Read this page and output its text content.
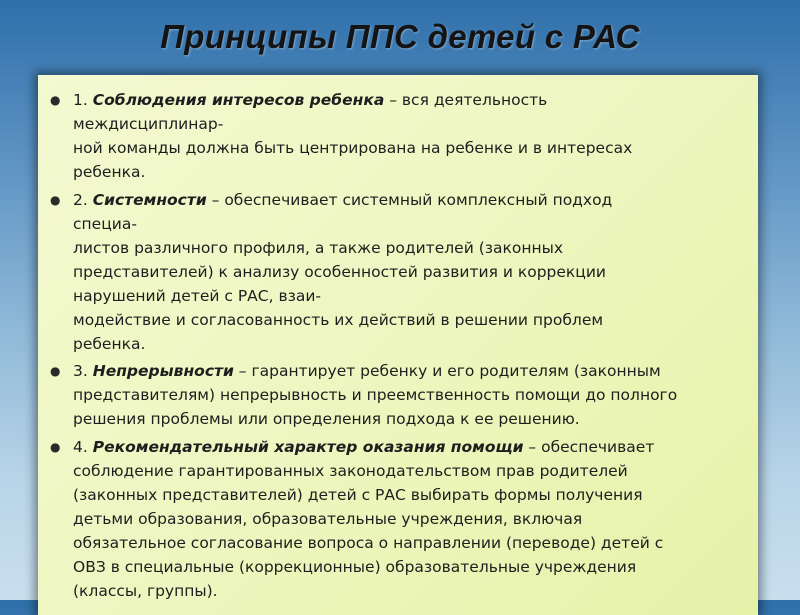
Принципы ППС детей с РАС
● 1. Соблюдения интересов ребенка – вся деятельность
междисциплинар-
ной команды должна быть центрирована на ребенке и в интересах
ребенка.
● 2. Системности – обеспечивает системный комплексный подход
специа-
листов различного профиля, а также родителей (законных
представителей) к анализу особенностей развития и коррекции
нарушений детей с РАС, взаи-
модействие и согласованность их действий в решении проблем
ребенка.
● 3. Непрерывности – гарантирует ребенку и его родителям (законным
представителям) непрерывность и преемственность помощи до полного
решения проблемы или определения подхода к ее решению.
● 4. Рекомендательный характер оказания помощи – обеспечивает
соблюдение гарантированных законодательством прав родителей
(законных представителей) детей с РАС выбирать формы получения
детьми образования, образовательные учреждения, включая
обязательное согласование вопроса о направлении (переводе) детей с
ОВЗ в специальные (коррекционные) образовательные учреждения
(классы, группы).
